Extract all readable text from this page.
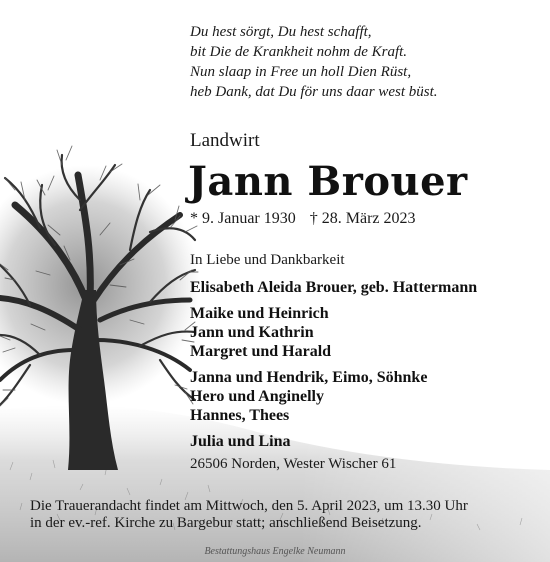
Du hest sörgt, Du hest schafft,
bit Die de Krankheit nohm de Kraft.
Nun slaap in Free un holl Dien Rüst,
heb Dank, dat Du för uns daar west büst.
Landwirt
Jann Brouer
* 9. Januar 1930 † 28. März 2023
In Liebe und Dankbarkeit
Elisabeth Aleida Brouer, geb. Hattermann
Maike und Heinrich
Jann und Kathrin
Margret und Harald
Janna und Hendrik, Eimo, Söhnke
Hero und Anginelly
Hannes, Thees
Julia und Lina
26506 Norden, Wester Wischer 61
Die Trauerandacht findet am Mittwoch, den 5. April 2023, um 13.30 Uhr
in der ev.-ref. Kirche zu Bargebur statt; anschließend Beisetzung.
Bestattungshaus Engelke Neumann
